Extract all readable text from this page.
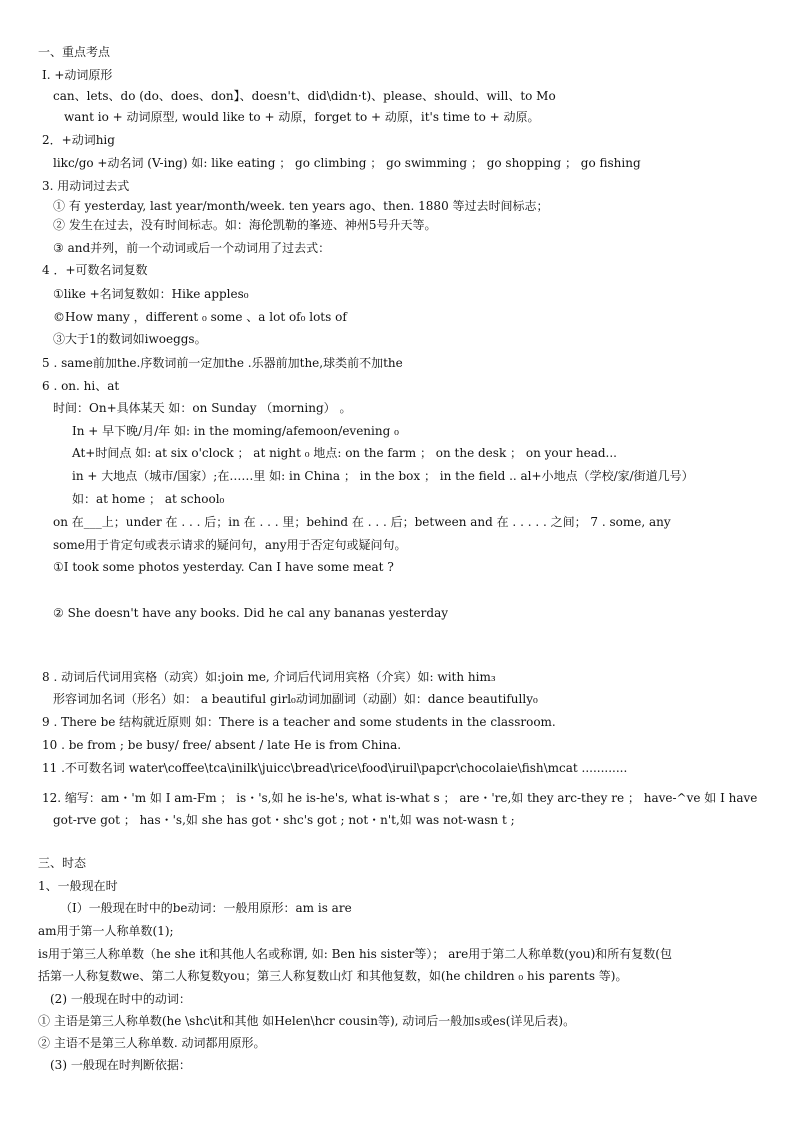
一、重点考点
I. +动词原形
can、lets、do (do、does、don】、doesn't、did\didn·t)、please、should、will、to Mo
want io + 动词原型, would like to + 动原，forget to + 动原，it's time to + 动原。
2．+动词hig
likc/go +动名词 (V-ing) 如: like eating ； go climbing ； go swimming ； go shopping ； go fishing
3. 用动词过去式
① 有 yesterday, last year/month/week. ten years ago、then. 1880 等过去时间标志；
② 发生在过去，没有时间标志。如：海伦凯勒的峯迹、神州5号升天等。
③ and并列，前一个动词或后一个动词用了过去式：
4 ．+可数名词复数
①like +名词复数如：Hike apples₀
©How many ，different ₀ some 、a lot of₀ lots of
③大于1的数词如iwoeggs。
5 . same前加the.序数词前一定加the .乐器前加the,球类前不加the
6 . on. hi、at
时间：On+具体某天 如：on Sunday （morning） 。
In + 早下晚/月/年 如: in the moming/afemoon/evening ₀
At+时间点 如: at six o'clock ； at night ₀ 地点: on the farm ； on the desk ； on your head...
in + 大地点（城市/国家）;在……里 如: in China ； in the box ； in the field .. al+小地点（学校/家/街道几号）
如：at home ； at school₀
on 在___上；under 在 . . . 后；in 在 . . . 里；behind 在 . . . 后；between and 在 . . . . . 之间； 7 . some, any
some用于肯定句或表示请求的疑问句，any用于否定句或疑问句。
①I took some photos yesterday. Can I have some meat ?
② She doesn't have any books. Did he cal any bananas yesterday
8 . 动词后代词用宾格（动宾）如:join me, 介词后代词用宾格（介宾）如: with him₃
形容词加名词（形名）如： a beautiful girl₀动词加副词（动副）如：dance beautifully₀
9 . There be 结构就近原则 如：There is a teacher and some students in the classroom.
10 . be from ; be busy/ free/ absent / late He is from China.
11 .不可数名词 water\coffee\tca\inilk\juicc\bread\rice\food\iruil\papcr\chocolaie\fish\mcat ............
12. 缩写：am・'m 如 I am-Fm ； is・'s,如 he is-he's, what is-what s ； are・'re,如 they arc-they re ； have-^ve 如 I have
got-rve got ； has・'s,如 she has got・shc's got ; not・n't,如 was not-wasn t ;
三、时态
1、一般现在时
（I）一般现在时中的be动词：一般用原形：am is are
am用于第一人称单数(1);
is用于第三人称单数（he she it和其他人名或称谓, 如: Ben his sister等）； are用于第二人称单数(you)和所有复数(包
括第一人称复数we、第二人称复数you；第三人称复数山灯 和其他复数，如(he children ₀ his parents 等)。
(2) 一般现在时中的动词：
① 主语是第三人称单数(he \shc\it和其他 如Helen\hcr cousin等), 动词后一般加s或es(详见后表)。
② 主语不是第三人称单数. 动词都用原形。
(3) 一般现在时判断依据：
